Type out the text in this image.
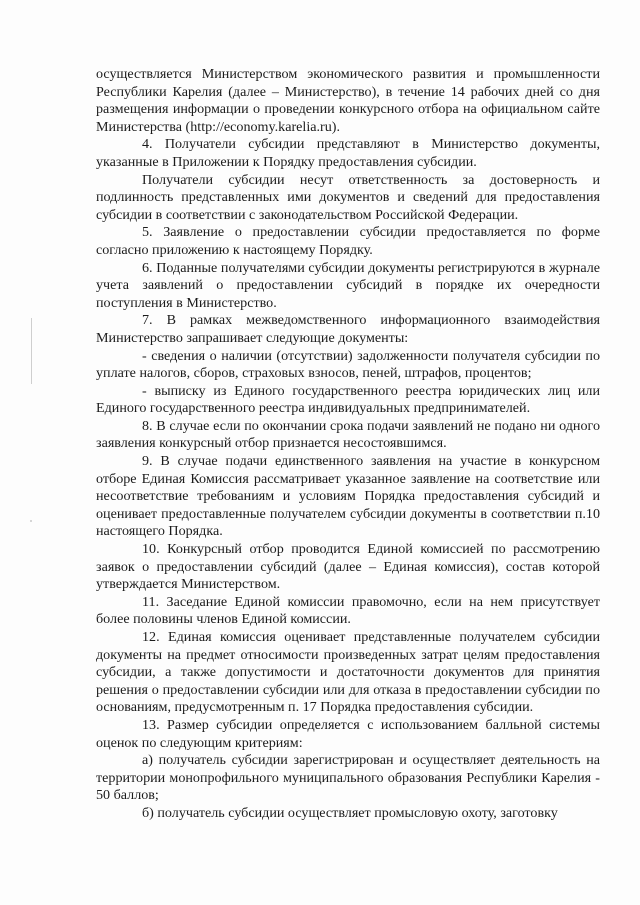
осуществляется Министерством экономического развития и промышленности Республики Карелия (далее – Министерство), в течение 14 рабочих дней со дня размещения информации о проведении конкурсного отбора на официальном сайте Министерства (http://economy.karelia.ru).

4. Получатели субсидии представляют в Министерство документы, указанные в Приложении к Порядку предоставления субсидии.

Получатели субсидии несут ответственность за достоверность и подлинность представленных ими документов и сведений для предоставления субсидии в соответствии с законодательством Российской Федерации.

5. Заявление о предоставлении субсидии предоставляется по форме согласно приложению к настоящему Порядку.

6. Поданные получателями субсидии документы регистрируются в журнале учета заявлений о предоставлении субсидий в порядке их очередности поступления в Министерство.

7. В рамках межведомственного информационного взаимодействия Министерство запрашивает следующие документы:

- сведения о наличии (отсутствии) задолженности получателя субсидии по уплате налогов, сборов, страховых взносов, пеней, штрафов, процентов;

- выписку из Единого государственного реестра юридических лиц или Единого государственного реестра индивидуальных предпринимателей.

8. В случае если по окончании срока подачи заявлений не подано ни одного заявления конкурсный отбор признается несостоявшимся.

9. В случае подачи единственного заявления на участие в конкурсном отборе Единая Комиссия рассматривает указанное заявление на соответствие или несоответствие требованиям и условиям Порядка предоставления субсидий и оценивает предоставленные получателем субсидии документы в соответствии п.10 настоящего Порядка.

10. Конкурсный отбор проводится Единой комиссией по рассмотрению заявок о предоставлении субсидий (далее – Единая комиссия), состав которой утверждается Министерством.

11. Заседание Единой комиссии правомочно, если на нем присутствует более половины членов Единой комиссии.

12. Единая комиссия оценивает представленные получателем субсидии документы на предмет относимости произведенных затрат целям предоставления субсидии, а также допустимости и достаточности документов для принятия решения о предоставлении субсидии или для отказа в предоставлении субсидии по основаниям, предусмотренным п. 17 Порядка предоставления субсидии.

13. Размер субсидии определяется с использованием балльной системы оценок по следующим критериям:

а) получатель субсидии зарегистрирован и осуществляет деятельность на территории монопрофильного муниципального образования Республики Карелия - 50 баллов;

б) получатель субсидии осуществляет промысловую охоту, заготовку
